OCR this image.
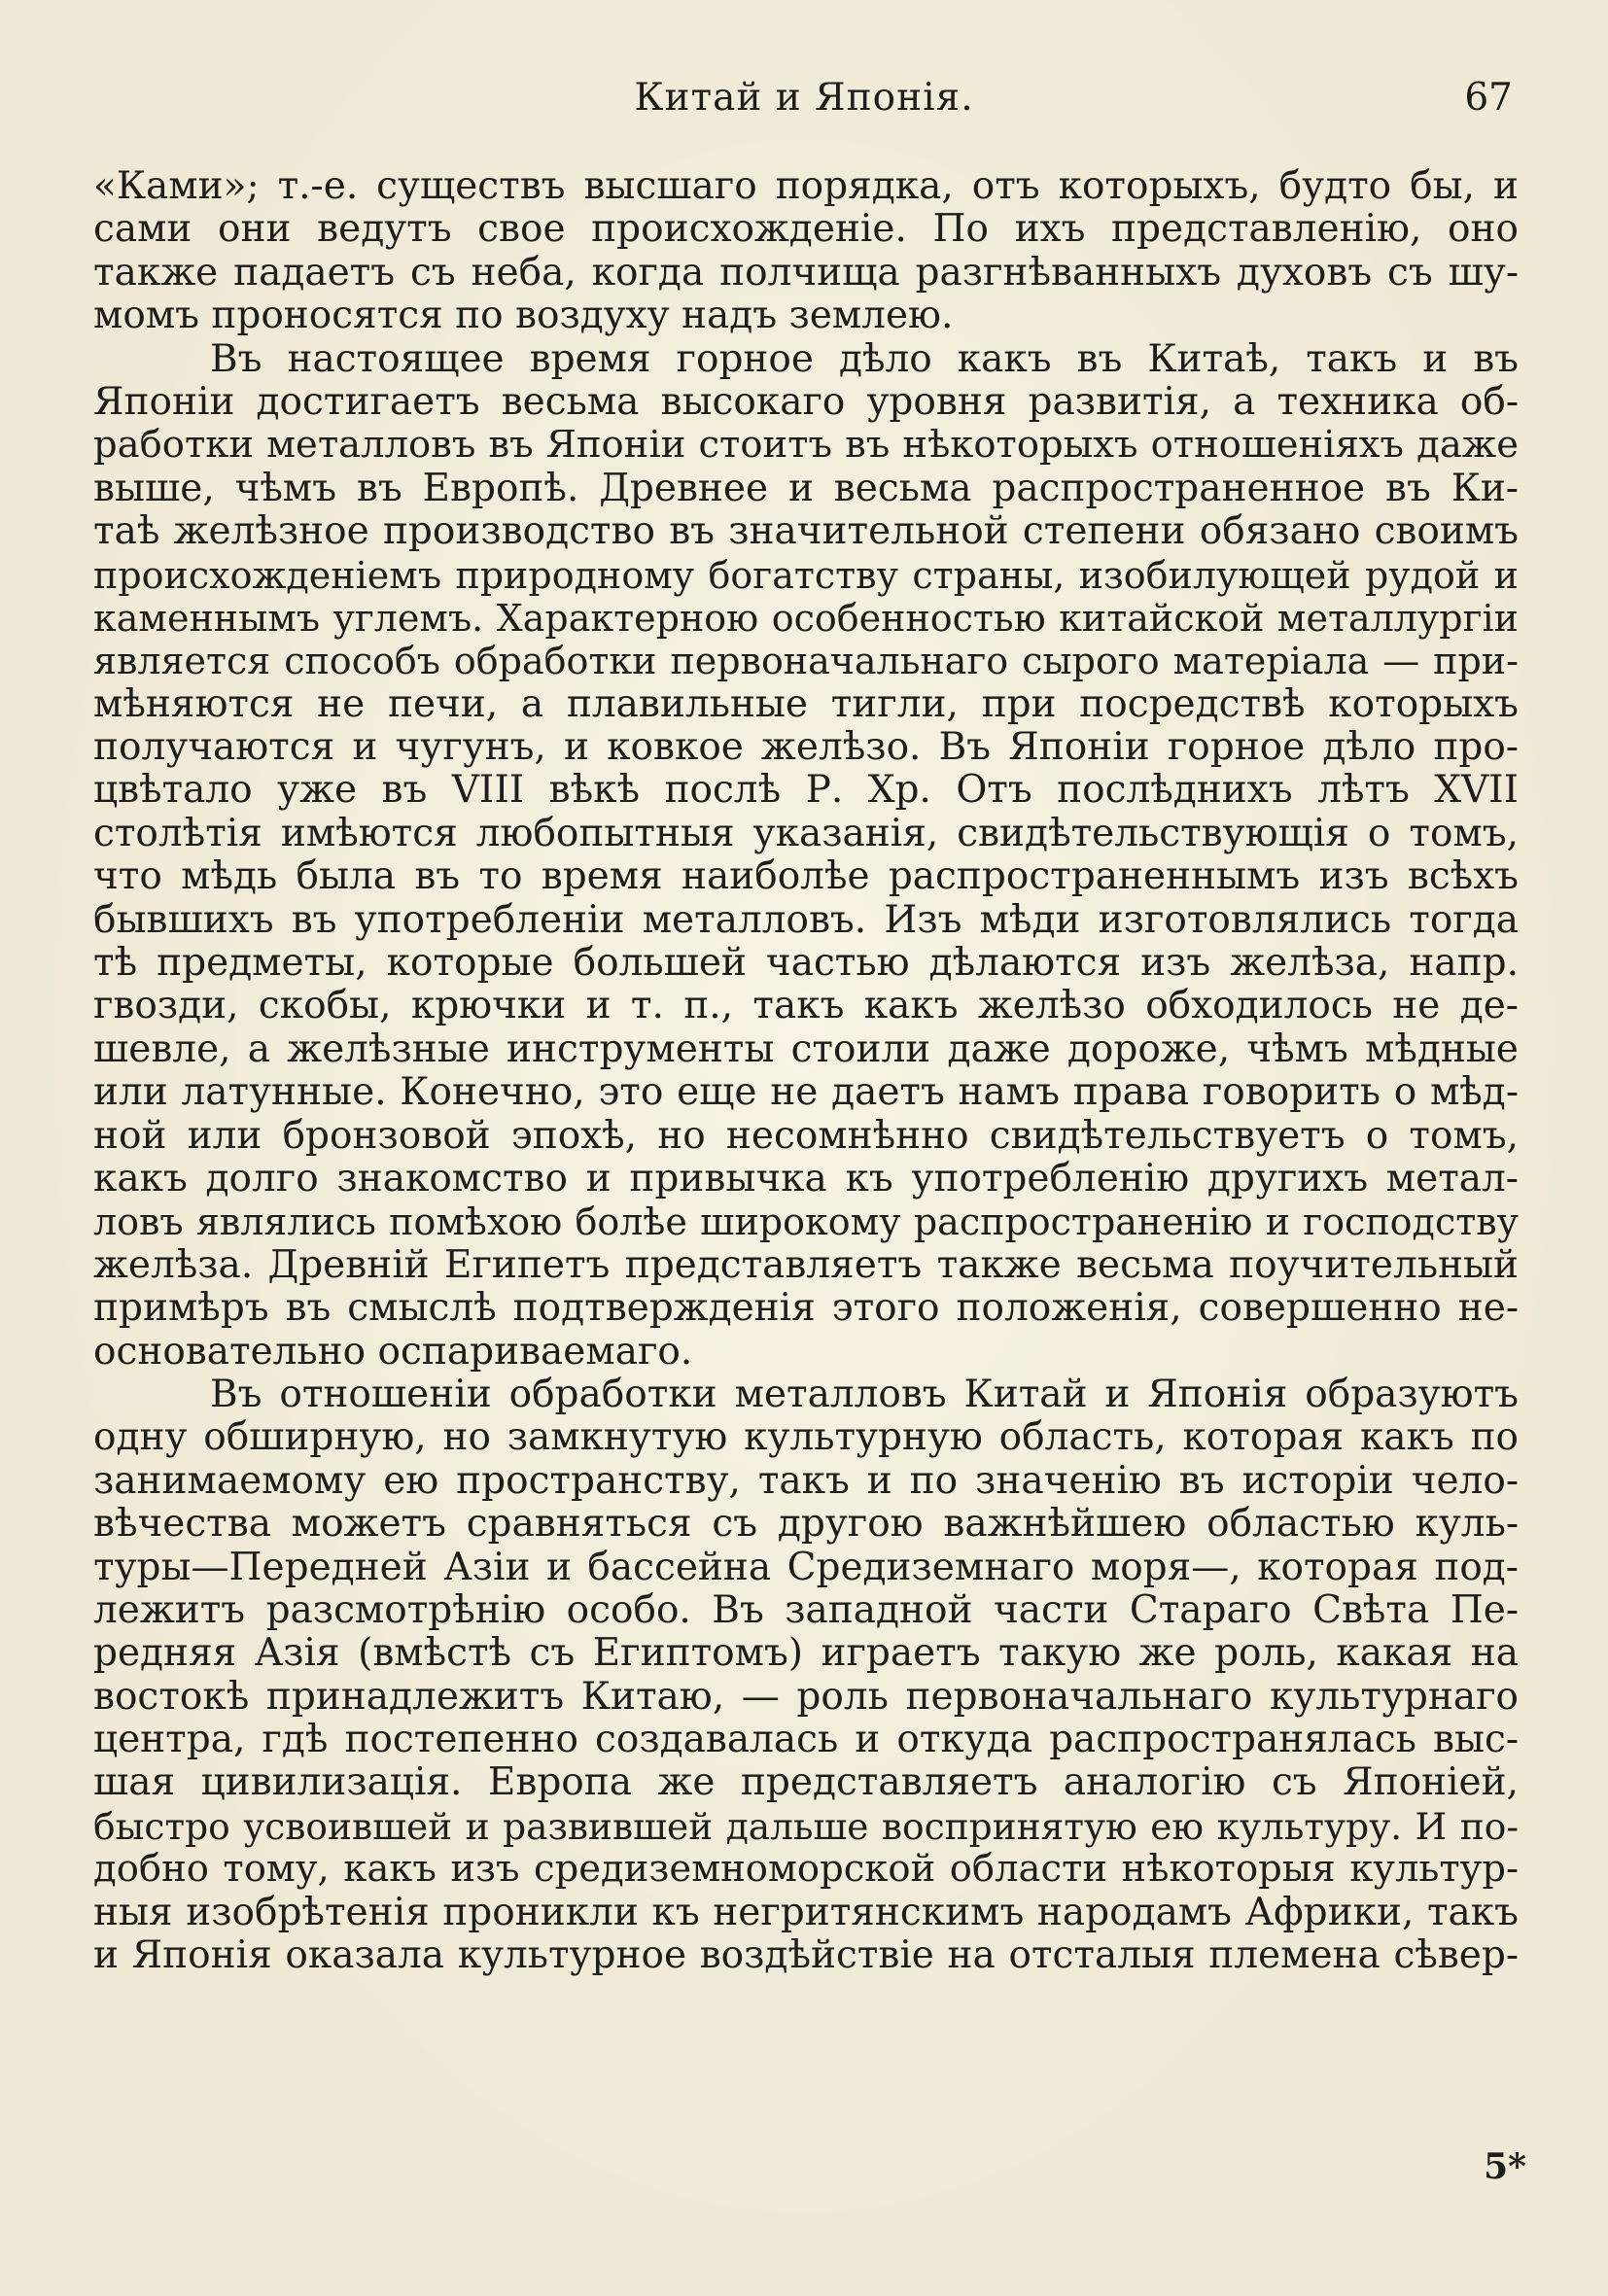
Китай и Японія.	67
«Ками»; т.-е. существъ высшаго порядка, отъ которыхъ, будто бы, и
сами они ведутъ свое происхожденіе. По ихъ представленію, оно
также падаетъ съ неба, когда полчища разгнѣванныхъ духовъ съ шу-
момъ проносятся по воздуху надъ землею.
Въ настоящее время горное дѣло какъ въ Китаѣ, такъ и въ
Японіи достигаетъ весьма высокаго уровня развитія, а техника об-
работки металловъ въ Японіи стоитъ въ нѣкоторыхъ отношеніяхъ даже
выше, чѣмъ въ Европѣ. Древнее и весьма распространенное въ Ки-
таѣ желѣзное производство въ значительной степени обязано своимъ
происхожденіемъ природному богатству страны, изобилующей рудой и
каменнымъ углемъ. Характерною особенностью китайской металлургіи
является способъ обработки первоначальнаго сырого матеріала — при-
мѣняются не печи, а плавильные тигли, при посредствѣ которыхъ
получаются и чугунъ, и ковкое желѣзо. Въ Японіи горное дѣло про-
цвѣтало уже въ VIII вѣкѣ послѣ Р. Хр. Отъ послѣднихъ лѣтъ XVII
столѣтія имѣются любопытныя указанія, свидѣтельствующія о томъ,
что мѣдь была въ то время наиболѣе распространеннымъ изъ всѣхъ
бывшихъ въ употребленіи металловъ. Изъ мѣди изготовлялись тогда
тѣ предметы, которые большей частью дѣлаются изъ желѣза, напр.
гвозди, скобы, крючки и т. п., такъ какъ желѣзо обходилось не де-
шевле, а желѣзные инструменты стоили даже дороже, чѣмъ мѣдные
или латунные. Конечно, это еще не даетъ намъ права говорить о мѣд-
ной или бронзовой эпохѣ, но несомнѣнно свидѣтельствуетъ о томъ,
какъ долго знакомство и привычка къ употребленію другихъ метал-
ловъ являлись помѣхою болѣе широкому распространенію и господству
желѣза. Древній Египетъ представляетъ также весьма поучительный
примѣръ въ смыслѣ подтвержденія этого положенія, совершенно не-
основательно оспариваемаго.
Въ отношеніи обработки металловъ Китай и Японія образуютъ
одну обширную, но замкнутую культурную область, которая какъ по
занимаемому ею пространству, такъ и по значенію въ исторіи чело-
вѣчества можетъ сравняться съ другою важнѣйшею областью куль-
туры—Передней Азіи и бассейна Средиземнаго моря—, которая под-
лежитъ разсмотрѣнію особо. Въ западной части Стараго Свѣта Пе-
редняя Азія (вмѣстѣ съ Египтомъ) играетъ такую же роль, какая на
востокѣ принадлежитъ Китаю, — роль первоначальнаго культурнаго
центра, гдѣ постепенно создавалась и откуда распространялась выс-
шая цивилизація. Европа же представляетъ аналогію съ Японіей,
быстро усвоившей и развившей дальше воспринятую ею культуру. И по-
добно тому, какъ изъ средиземноморской области нѣкоторыя культур-
ныя изобрѣтенія проникли къ негритянскимъ народамъ Африки, такъ
и Японія оказала культурное воздѣйствіе на отсталыя племена сѣвер-
5*
